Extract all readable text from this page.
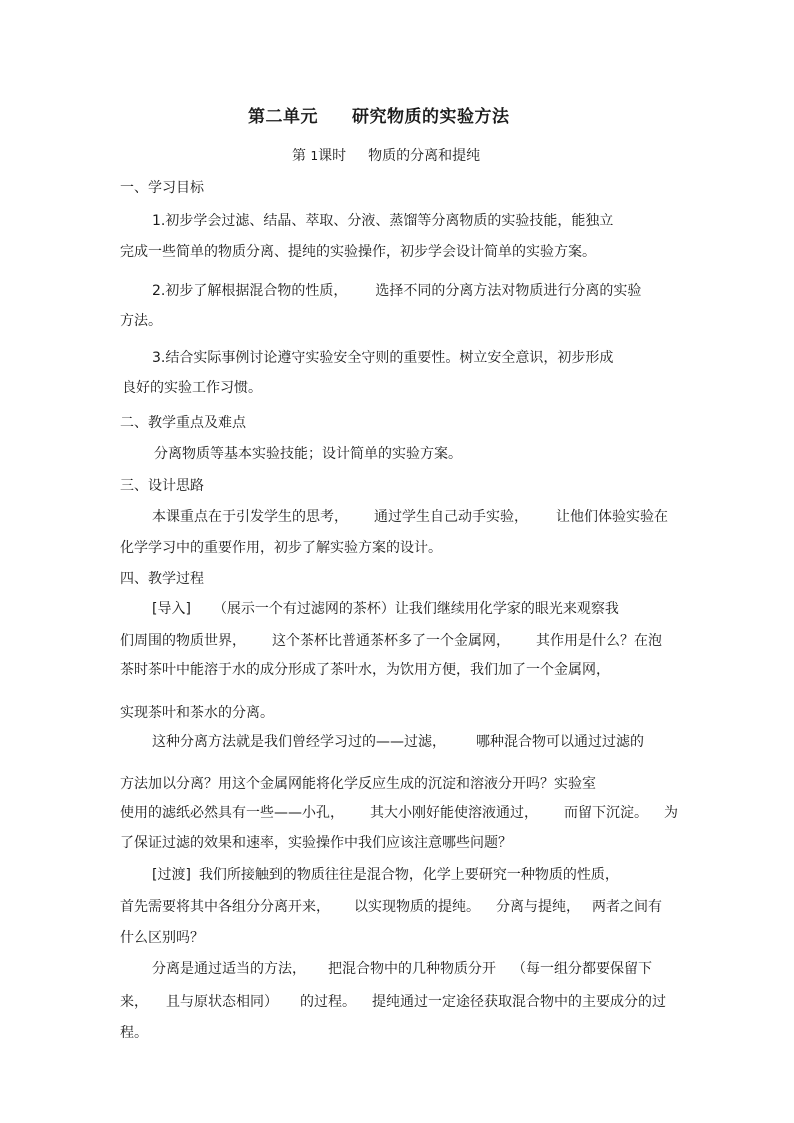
第二单元 研究物质的实验方法
第 1课时 物质的分离和提纯
一、学习目标
1.初步学会过滤、结晶、萃取、分液、蒸馏等分离物质的实验技能，能独立
完成一些简单的物质分离、提纯的实验操作，初步学会设计简单的实验方案。
2.初步了解根据混合物的性质， 选择不同的分离方法对物质进行分离的实验
方法。
3.结合实际事例讨论遵守实验安全守则的重要性。树立安全意识，初步形成
良好的实验工作习惯。
二、教学重点及难点
分离物质等基本实验技能；设计简单的实验方案。
三、设计思路
本课重点在于引发学生的思考， 通过学生自己动手实验， 让他们体验实验在
化学学习中的重要作用，初步了解实验方案的设计。
四、教学过程
[导入] （展示一个有过滤网的茶杯）让我们继续用化学家的眼光来观察我
们周围的物质世界， 这个茶杯比普通茶杯多了一个金属网， 其作用是什么？在泡
茶时茶叶中能溶于水的成分形成了茶叶水，为饮用方便，我们加了一个金属网，
实现茶叶和茶水的分离。
这种分离方法就是我们曾经学习过的——过滤， 哪种混合物可以通过过滤的
方法加以分离？用这个金属网能将化学反应生成的沉淀和溶液分开吗？实验室
使用的滤纸必然具有一些——小孔， 其大小刚好能使溶液通过， 而留下沉淀。 为
了保证过滤的效果和速率，实验操作中我们应该注意哪些问题？
[过渡] 我们所接触到的物质往往是混合物，化学上要研究一种物质的性质，
首先需要将其中各组分分离开来， 以实现物质的提纯。 分离与提纯， 两者之间有
什么区别吗？
分离是通过适当的方法， 把混合物中的几种物质分开 （每一组分都要保留下
来， 且与原状态相同） 的过程。 提纯通过一定途径获取混合物中的主要成分的过
程。
